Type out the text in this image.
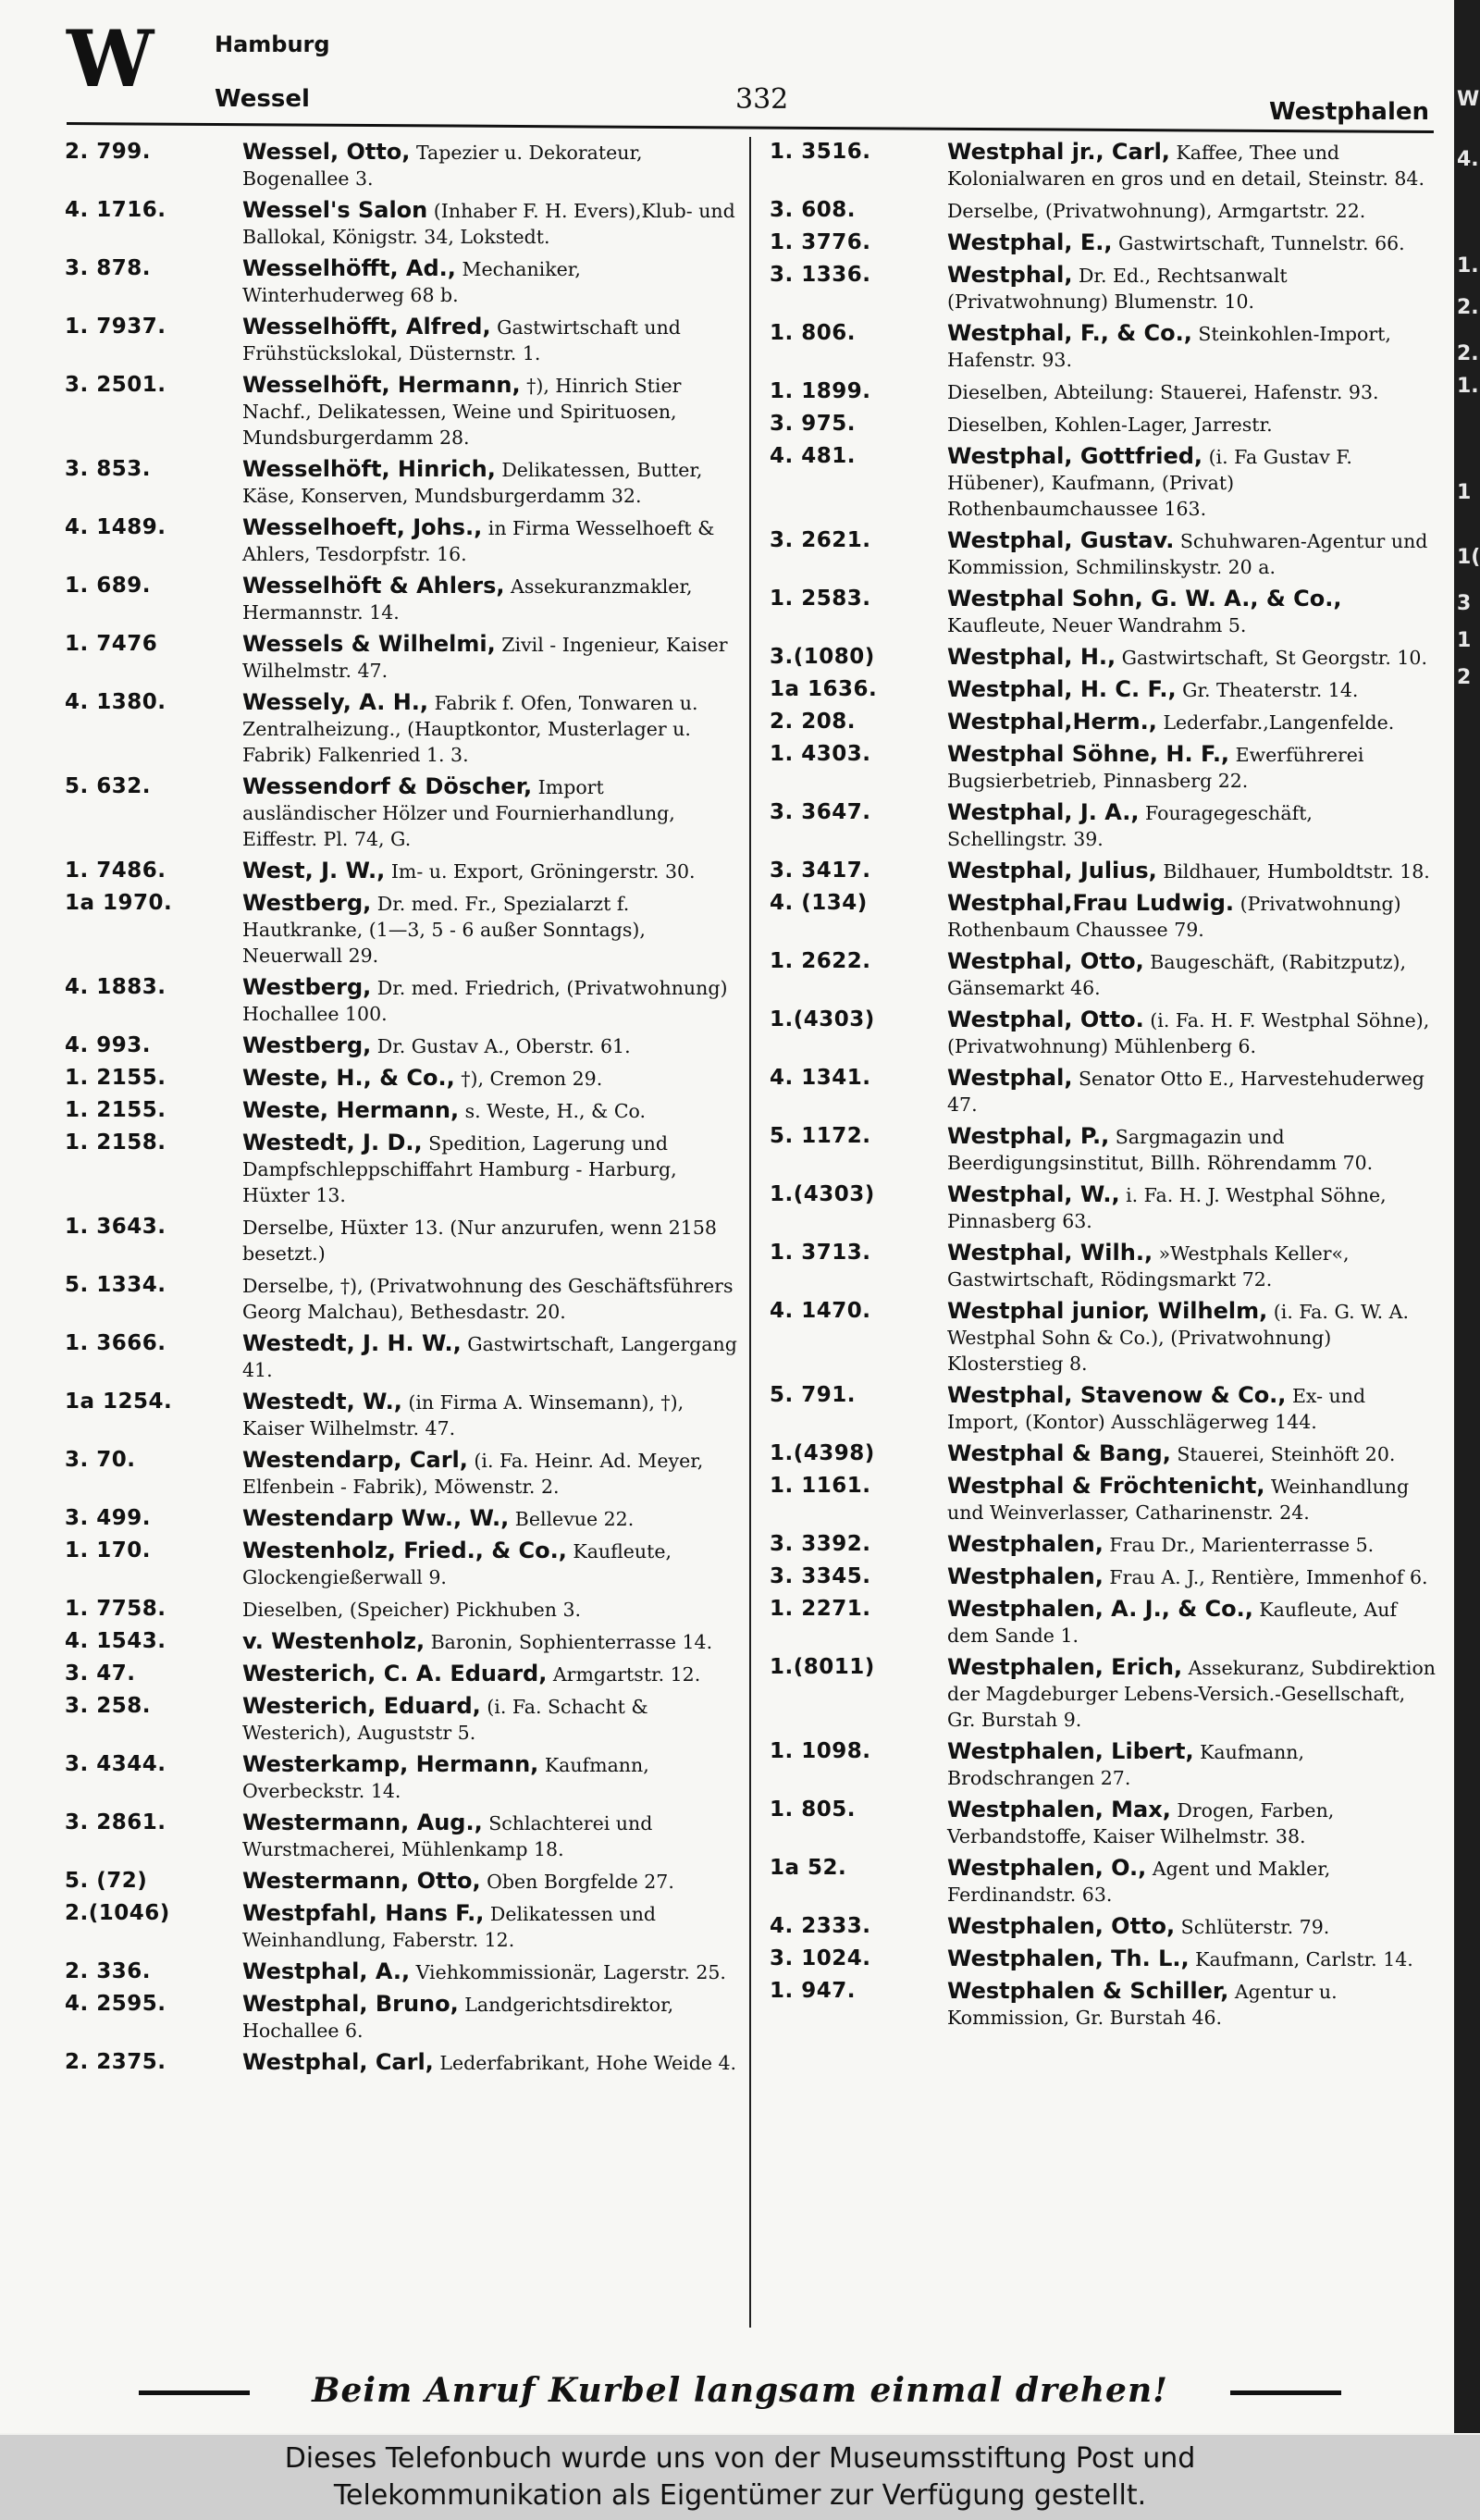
W	Hamburg
Wessel	332	Westphalen
2. 799.	Wessel, Otto, Tapezier u. Dekorateur, Bogenallee 3.
4. 1716.	Wessel's Salon (Inhaber F. H. Evers),Klub- und Ballokal, Königstr. 34, Lokstedt.
3. 878.	Wesselhöfft, Ad., Mechaniker, Winterhuderweg 68 b.
1. 7937.	Wesselhöfft, Alfred, Gastwirtschaft und Frühstückslokal, Düsternstr. 1.
3. 2501.	Wesselhöft, Hermann, †), Hinrich Stier Nachf., Delikatessen, Weine und Spirituosen, Mundsburgerdamm 28.
3. 853.	Wesselhöft, Hinrich, Delikatessen, Butter, Käse, Konserven, Mundsburgerdamm 32.
4. 1489.	Wesselhoeft, Johs., in Firma Wesselhoeft & Ahlers, Tesdorpfstr. 16.
1. 689.	Wesselhöft & Ahlers, Assekuranzmakler, Hermannstr. 14.
1. 7476	Wessels & Wilhelmi, Zivil - Ingenieur, Kaiser Wilhelmstr. 47.
4. 1380.	Wessely, A. H., Fabrik f. Ofen, Tonwaren u. Zentralheizung., (Hauptkontor, Musterlager u. Fabrik) Falkenried 1. 3.
5. 632.	Wessendorf & Döscher, Import ausländischer Hölzer und Fournierhandlung, Eiffestr. Pl. 74, G.
1. 7486.	West, J. W., Im- u. Export, Gröningerstr. 30.
1a 1970.	Westberg, Dr. med. Fr., Spezialarzt f. Hautkranke, (1—3, 5 - 6 außer Sonntags), Neuerwall 29.
4. 1883.	Westberg, Dr. med. Friedrich, (Privatwohnung) Hochallee 100.
4. 993.	Westberg, Dr. Gustav A., Oberstr. 61.
1. 2155.	Weste, H., & Co., †), Cremon 29.
1. 2155.	Weste, Hermann, s. Weste, H., & Co.
1. 2158.	Westedt, J. D., Spedition, Lagerung und Dampfschleppschiffahrt Hamburg - Harburg, Hüxter 13.
1. 3643.	Derselbe, Hüxter 13. (Nur anzurufen, wenn 2158 besetzt.)
5. 1334.	Derselbe, †), (Privatwohnung des Geschäftsführers Georg Malchau), Bethesdastr. 20.
1. 3666.	Westedt, J. H. W., Gastwirtschaft, Langergang 41.
1a 1254.	Westedt, W., (in Firma A. Winsemann), †), Kaiser Wilhelmstr. 47.
3. 70.	Westendarp, Carl, (i. Fa. Heinr. Ad. Meyer, Elfenbein - Fabrik), Möwenstr. 2.
3. 499.	Westendarp Ww., W., Bellevue 22.
1. 170.	Westenholz, Fried., & Co., Kaufleute, Glockengießerwall 9.
1. 7758.	Dieselben, (Speicher) Pickhuben 3.
4. 1543.	v. Westenholz, Baronin, Sophienterrasse 14.
3. 47.	Westerich, C. A. Eduard, Armgartstr. 12.
3. 258.	Westerich, Eduard, (i. Fa. Schacht & Westerich), Auguststr 5.
3. 4344.	Westerkamp, Hermann, Kaufmann, Overbeckstr. 14.
3. 2861.	Westermann, Aug., Schlachterei und Wurstmacherei, Mühlenkamp 18.
5. (72)	Westermann, Otto, Oben Borgfelde 27.
2.(1046)	Westpfahl, Hans F., Delikatessen und Weinhandlung, Faberstr. 12.
2. 336.	Westphal, A., Viehkommissionär, Lagerstr. 25.
4. 2595.	Westphal, Bruno, Landgerichtsdirektor, Hochallee 6.
2. 2375.	Westphal, Carl, Lederfabrikant, Hohe Weide 4.
1. 3516.	Westphal jr., Carl, Kaffee, Thee und Kolonialwaren en gros und en detail, Steinstr. 84.
3. 608.	Derselbe, (Privatwohnung), Armgartstr. 22.
1. 3776.	Westphal, E., Gastwirtschaft, Tunnelstr. 66.
3. 1336.	Westphal, Dr. Ed., Rechtsanwalt (Privatwohnung) Blumenstr. 10.
1. 806.	Westphal, F., & Co., Steinkohlen-Import, Hafenstr. 93.
1. 1899.	Dieselben, Abteilung: Stauerei, Hafenstr. 93.
3. 975.	Dieselben, Kohlen-Lager, Jarrestr.
4. 481.	Westphal, Gottfried, (i. Fa Gustav F. Hübener), Kaufmann, (Privat) Rothenbaumchaussee 163.
3. 2621.	Westphal, Gustav. Schuhwaren-Agentur und Kommission, Schmilinskystr. 20 a.
1. 2583.	Westphal Sohn, G. W. A., & Co., Kaufleute, Neuer Wandrahm 5.
3.(1080)	Westphal, H., Gastwirtschaft, St Georgstr. 10.
1a 1636.	Westphal, H. C. F., Gr. Theaterstr. 14.
2. 208.	Westphal,Herm., Lederfabr.,Langenfelde.
1. 4303.	Westphal Söhne, H. F., Ewerführerei Bugsierbetrieb, Pinnasberg 22.
3. 3647.	Westphal, J. A., Fouragegeschäft, Schellingstr. 39.
3. 3417.	Westphal, Julius, Bildhauer, Humboldtstr. 18.
4. (134)	Westphal,Frau Ludwig. (Privatwohnung) Rothenbaum Chaussee 79.
1. 2622.	Westphal, Otto, Baugeschäft, (Rabitzputz), Gänsemarkt 46.
1.(4303)	Westphal, Otto. (i. Fa. H. F. Westphal Söhne), (Privatwohnung) Mühlenberg 6.
4. 1341.	Westphal, Senator Otto E., Harvestehuderweg 47.
5. 1172.	Westphal, P., Sargmagazin und Beerdigungsinstitut, Billh. Röhrendamm 70.
1.(4303)	Westphal, W., i. Fa. H. J. Westphal Söhne, Pinnasberg 63.
1. 3713.	Westphal, Wilh., »Westphals Keller«, Gastwirtschaft, Rödingsmarkt 72.
4. 1470.	Westphal junior, Wilhelm, (i. Fa. G. W. A. Westphal Sohn & Co.), (Privatwohnung) Klosterstieg 8.
5. 791.	Westphal, Stavenow & Co., Ex- und Import, (Kontor) Ausschlägerweg 144.
1.(4398)	Westphal & Bang, Stauerei, Steinhöft 20.
1. 1161.	Westphal & Fröchtenicht, Weinhandlung und Weinverlasser, Catharinenstr. 24.
3. 3392.	Westphalen, Frau Dr., Marienterrasse 5.
3. 3345.	Westphalen, Frau A. J., Rentière, Immenhof 6.
1. 2271.	Westphalen, A. J., & Co., Kaufleute, Auf dem Sande 1.
1.(8011)	Westphalen, Erich, Assekuranz, Subdirektion der Magdeburger Lebens-Versich.-Gesellschaft, Gr. Burstah 9.
1. 1098.	Westphalen, Libert, Kaufmann, Brodschrangen 27.
1. 805.	Westphalen, Max, Drogen, Farben, Verbandstoffe, Kaiser Wilhelmstr. 38.
1a 52.	Westphalen, O., Agent und Makler, Ferdinandstr. 63.
4. 2333.	Westphalen, Otto, Schlüterstr. 79.
3. 1024.	Westphalen, Th. L., Kaufmann, Carlstr. 14.
1. 947.	Westphalen & Schiller, Agentur u. Kommission, Gr. Burstah 46.
Beim Anruf Kurbel langsam einmal drehen!
W
4.
1.
2.
2.
1.
1
1(
3
1
2
Dieses Telefonbuch wurde uns von der Museumsstiftung Post und
Telekommunikation als Eigentümer zur Verfügung gestellt.
